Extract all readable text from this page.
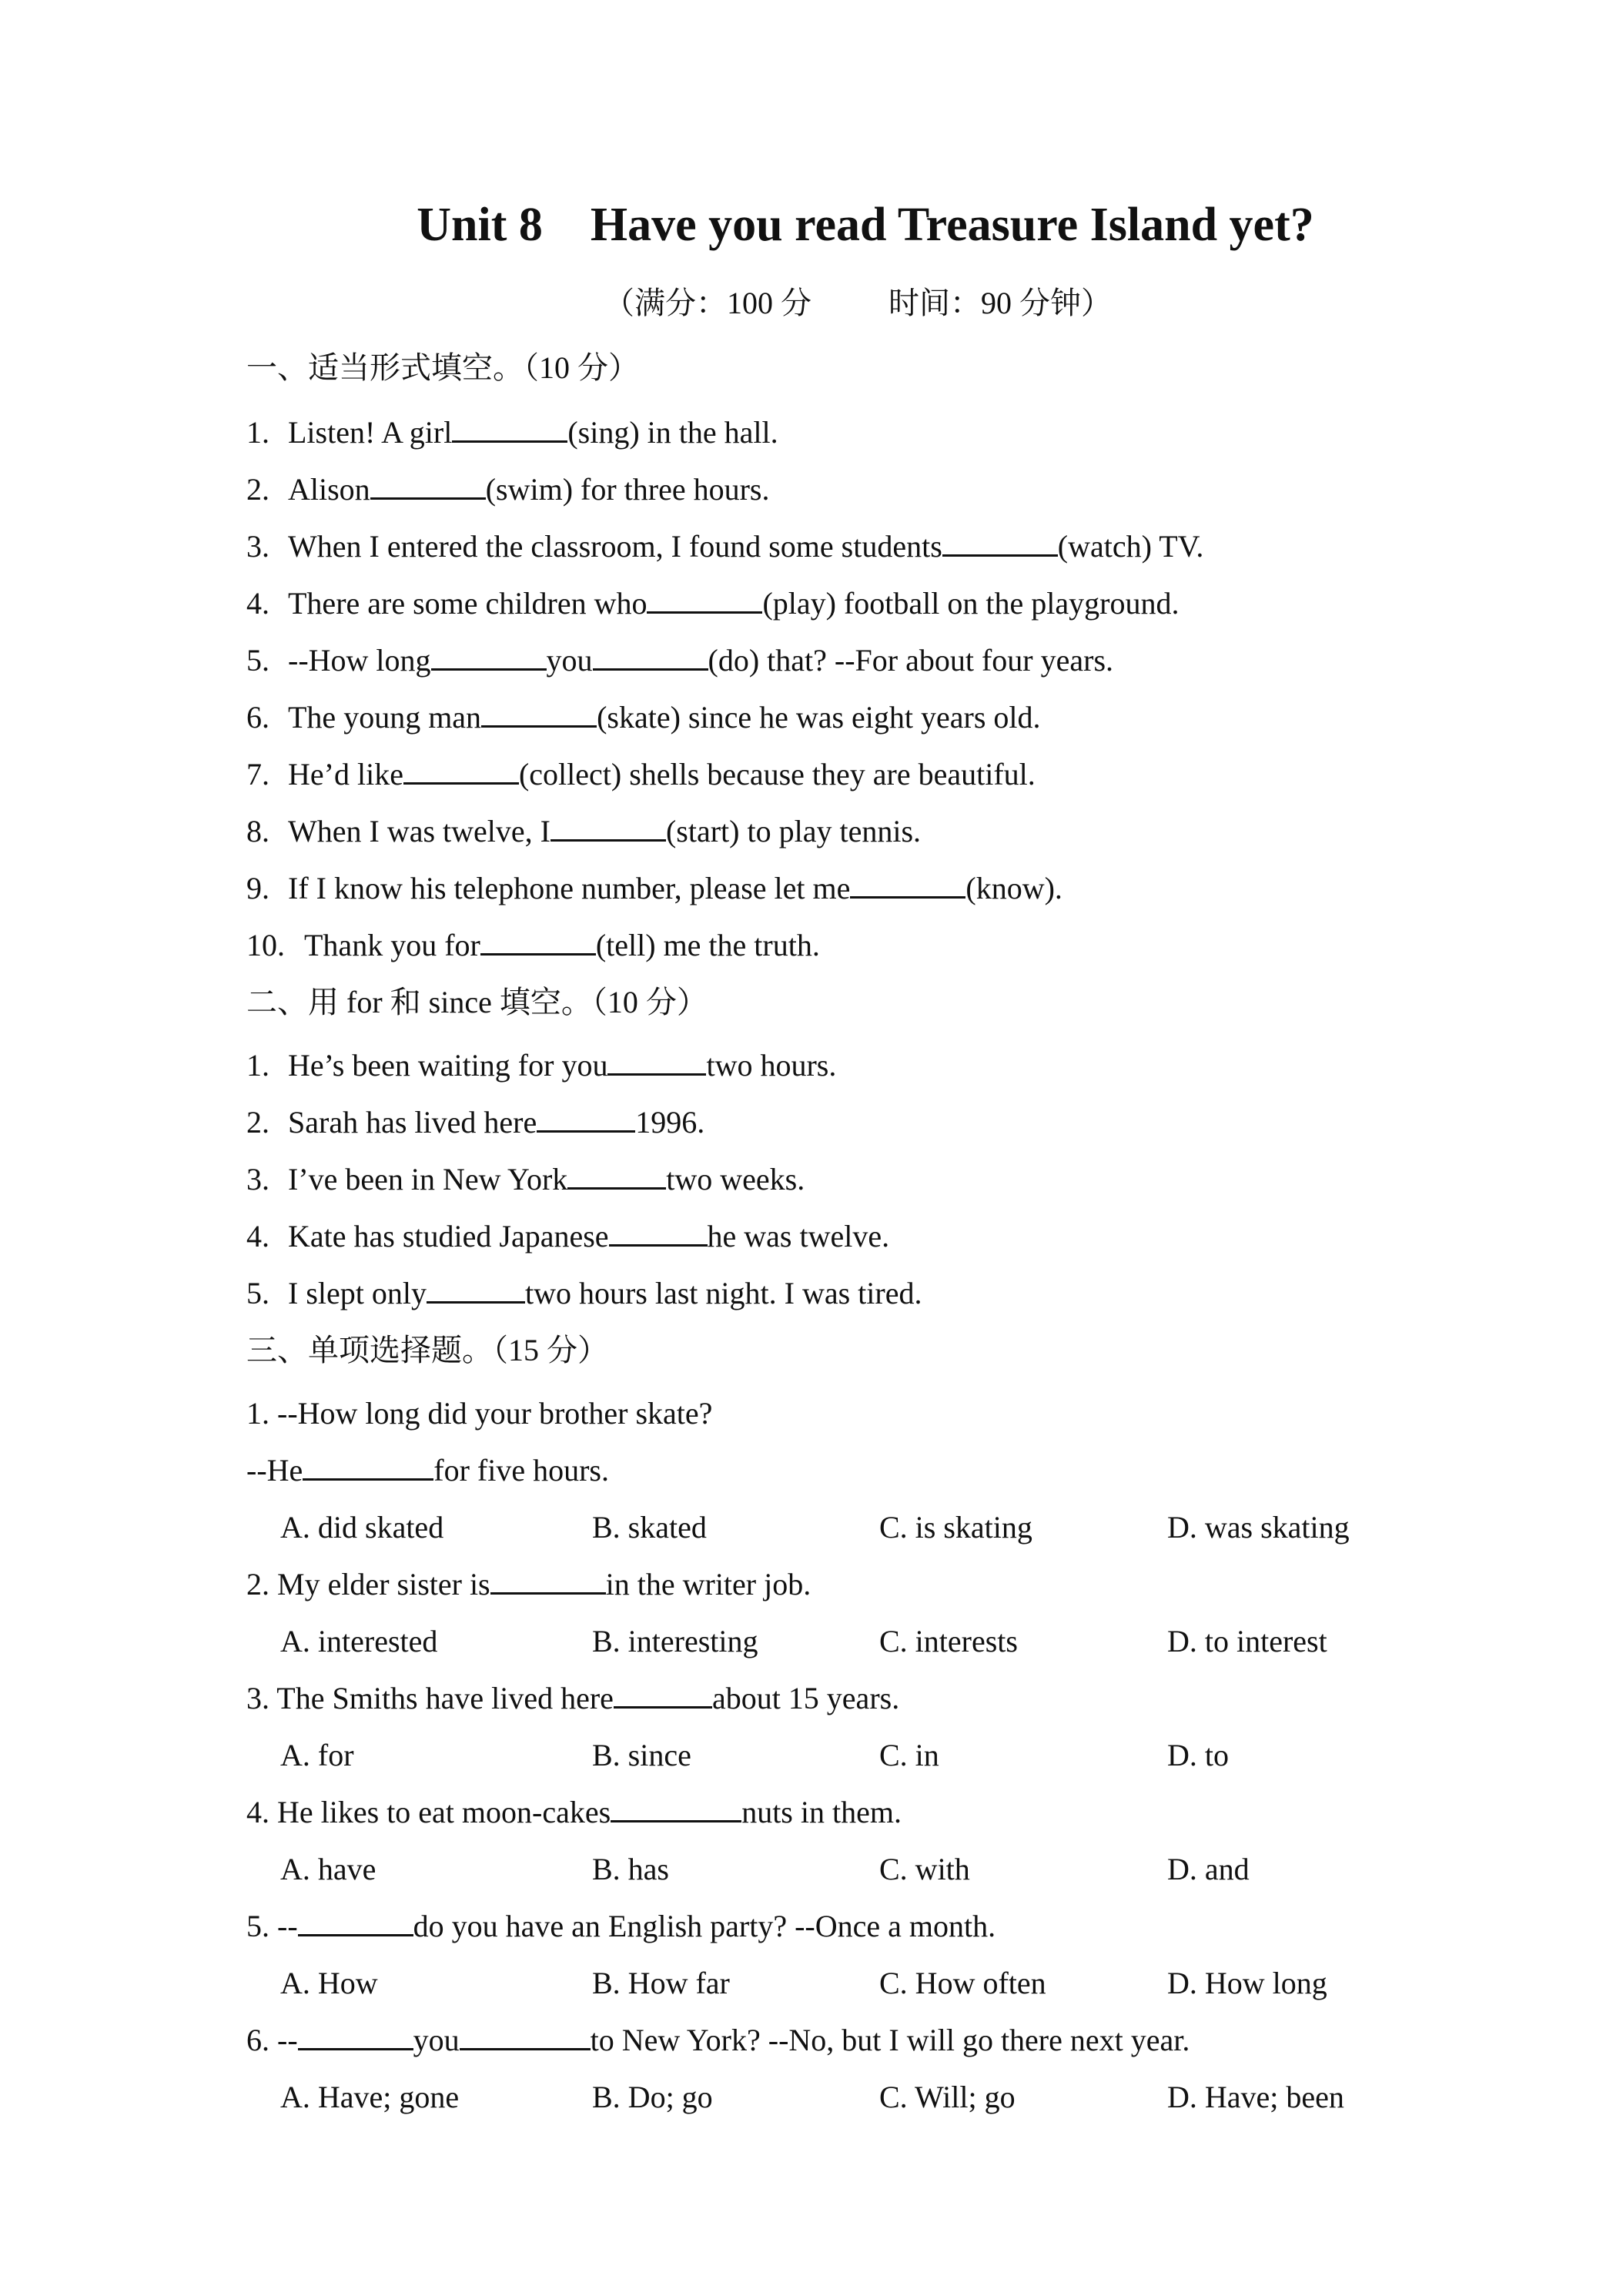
Unit 8    Have you read Treasure Island yet?
（满分：100 分          时间：90 分钟）
一、适当形式填空。（10 分）
1. Listen! A girl	(sing) in the hall.
2. Alison	(swim) for three hours.
3. When I entered the classroom, I found some students	(watch) TV.
4. There are some children who	(play) football on the playground.
5. --How long	you	(do) that? --For about four years.
6. The young man	(skate) since he was eight years old.
7. He’d like	(collect) shells because they are beautiful.
8. When I was twelve, I	(start) to play tennis.
9. If I know his telephone number, please let me	(know).
10. Thank you for	(tell) me the truth.
二、用 for 和 since 填空。（10 分）
1. He’s been waiting for you	two hours.
2. Sarah has lived here	1996.
3. I’ve been in New York	two weeks.
4. Kate has studied Japanese	he was twelve.
5. I slept only	two hours last night. I was tired.
三、单项选择题。（15 分）
1. --How long did your brother skate?
--He	for five hours.
A. did skated	B. skated	C. is skating	D. was skating
2. My elder sister is	in the writer job.
A. interested	B. interesting	C. interests	D. to interest
3. The Smiths have lived here	about 15 years.
A. for	B. since	C. in	D. to
4. He likes to eat moon-cakes	nuts in them.
A. have	B. has	C. with	D. and
5. --	do you have an English party? --Once a month.
A. How	B. How far	C. How often	D. How long
6. --	you	to New York? --No, but I will go there next year.
A. Have; gone	B. Do; go	C. Will; go	D. Have; been
